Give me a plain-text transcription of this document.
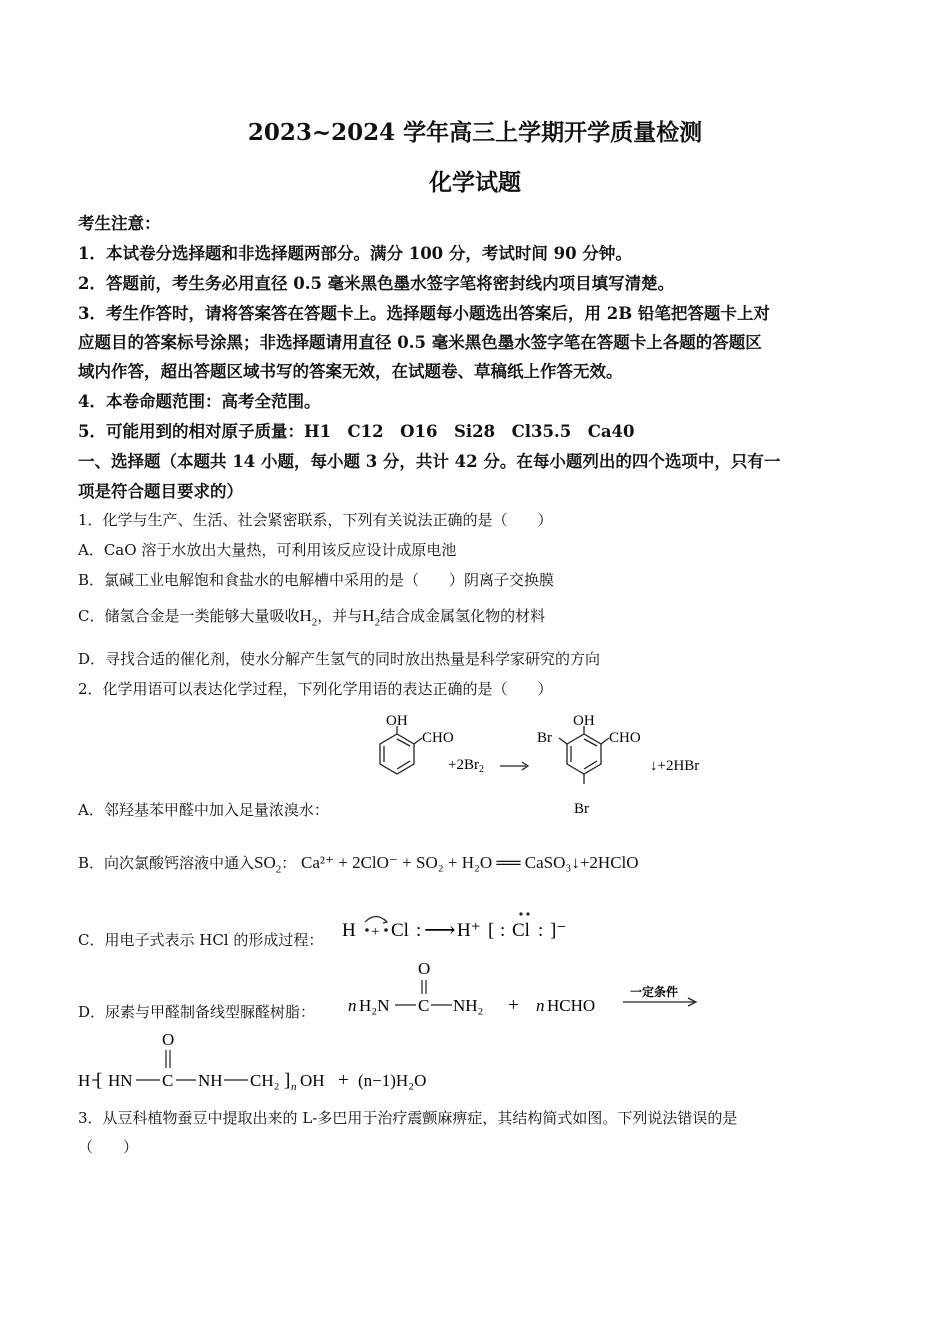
2023~2024 学年高三上学期开学质量检测
化学试题
考生注意：
1．本试卷分选择题和非选择题两部分。满分 100 分，考试时间 90 分钟。
2．答题前，考生务必用直径 0.5 毫米黑色墨水签字笔将密封线内项目填写清楚。
3．考生作答时，请将答案答在答题卡上。选择题每小题选出答案后，用 2B 铅笔把答题卡上对
应题目的答案标号涂黑；非选择题请用直径 0.5 毫米黑色墨水签字笔在答题卡上各题的答题区
域内作答，超出答题区域书写的答案无效，在试题卷、草稿纸上作答无效。
4．本卷命题范围：高考全范围。
5．可能用到的相对原子质量：H1　C12　O16　Si28　Cl35.5　Ca40
一、选择题（本题共 14 小题，每小题 3 分，共计 42 分。在每小题列出的四个选项中，只有一
项是符合题目要求的）
1．化学与生产、生活、社会紧密联系，下列有关说法正确的是（　　）
A．CaO 溶于水放出大量热，可利用该反应设计成原电池
B．氯碱工业电解饱和食盐水的电解槽中采用的是（　　）阴离子交换膜
C．储氢合金是一类能够大量吸收$H_2$，并与$H_2$结合成金属氢化物的材料
D．寻找合适的催化剂，使水分解产生氢气的同时放出热量是科学家研究的方向
2．化学用语可以表达化学过程，下列化学用语的表达正确的是（　　）
OH
CHO
$+2Br_2$
OH
CHO
Br
Br
↓+2HBr
A．邻羟基苯甲醛中加入足量浓溴水：
B．向次氯酸钙溶液中通入$SO_2$： Ca²⁺ + 2ClO⁻ + SO₂ + H₂O ══ CaSO₃↓+2HClO
C．用电子式表示 HCl 的形成过程： H + Cl : ⟶ H⁺ [ : Cl : ]⁻
D．尿素与甲醛制备线型脲醛树脂： n H₂N C
O
NH₂ + n HCHO
一定条件
H [ HN C
O
NH CH₂ ] n OH + (n−1)H₂O
3．从豆科植物蚕豆中提取出来的 L-多巴用于治疗震颤麻痹症，其结构简式如图。下列说法错误的是
（　　）
